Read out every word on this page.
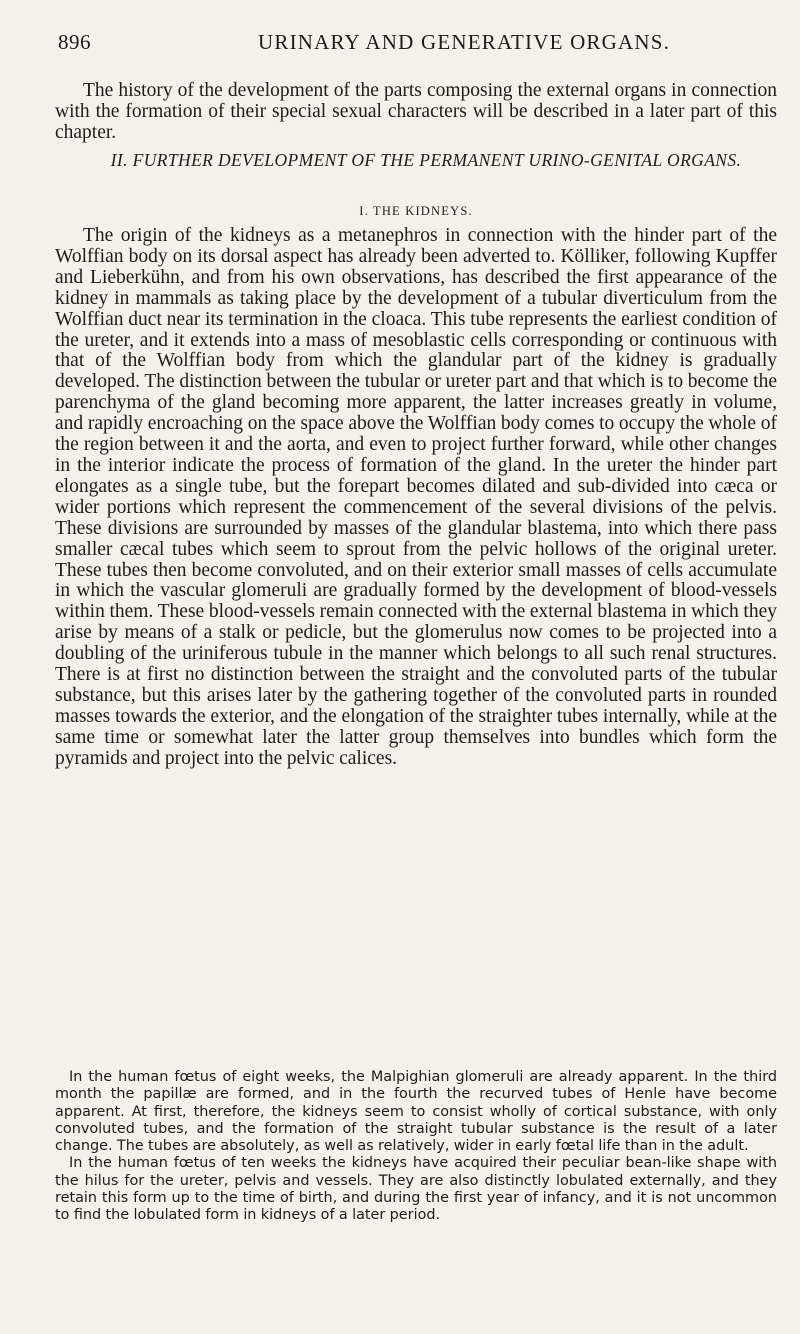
896	URINARY AND GENERATIVE ORGANS.

The history of the development of the parts composing the external organs in connection with the formation of their special sexual characters will be described in a later part of this chapter.

II. FURTHER DEVELOPMENT OF THE PERMANENT URINO-GENITAL ORGANS.

I. THE KIDNEYS.

The origin of the kidneys as a metanephros in connection with the hinder part of the Wolffian body on its dorsal aspect has already been adverted to. Kölliker, following Kupffer and Lieberkühn, and from his own observations, has described the first appearance of the kidney in mammals as taking place by the development of a tubular diverticulum from the Wolffian duct near its termination in the cloaca. This tube represents the earliest condition of the ureter, and it extends into a mass of mesoblastic cells corresponding or continuous with that of the Wolffian body from which the glandular part of the kidney is gradually developed. The distinction between the tubular or ureter part and that which is to become the parenchyma of the gland becoming more apparent, the latter increases greatly in volume, and rapidly encroaching on the space above the Wolffian body comes to occupy the whole of the region between it and the aorta, and even to project further forward, while other changes in the interior indicate the process of formation of the gland. In the ureter the hinder part elongates as a single tube, but the forepart becomes dilated and sub-divided into cæca or wider portions which represent the commencement of the several divisions of the pelvis. These divisions are surrounded by masses of the glandular blastema, into which there pass smaller cæcal tubes which seem to sprout from the pelvic hollows of the original ureter. These tubes then become convoluted, and on their exterior small masses of cells accumulate in which the vascular glomeruli are gradually formed by the development of blood-vessels within them. These blood-vessels remain connected with the external blastema in which they arise by means of a stalk or pedicle, but the glomerulus now comes to be projected into a doubling of the uriniferous tubule in the manner which belongs to all such renal structures. There is at first no distinction between the straight and the convoluted parts of the tubular substance, but this arises later by the gathering together of the convoluted parts in rounded masses towards the exterior, and the elongation of the straighter tubes internally, while at the same time or somewhat later the latter group themselves into bundles which form the pyramids and project into the pelvic calices.

In the human fœtus of eight weeks, the Malpighian glomeruli are already apparent. In the third month the papillæ are formed, and in the fourth the recurved tubes of Henle have become apparent. At first, therefore, the kidneys seem to consist wholly of cortical substance, with only convoluted tubes, and the formation of the straight tubular substance is the result of a later change. The tubes are absolutely, as well as relatively, wider in early fœtal life than in the adult.

In the human fœtus of ten weeks the kidneys have acquired their peculiar bean-like shape with the hilus for the ureter, pelvis and vessels. They are also distinctly lobulated externally, and they retain this form up to the time of birth, and during the first year of infancy, and it is not uncommon to find the lobulated form in kidneys of a later period.
